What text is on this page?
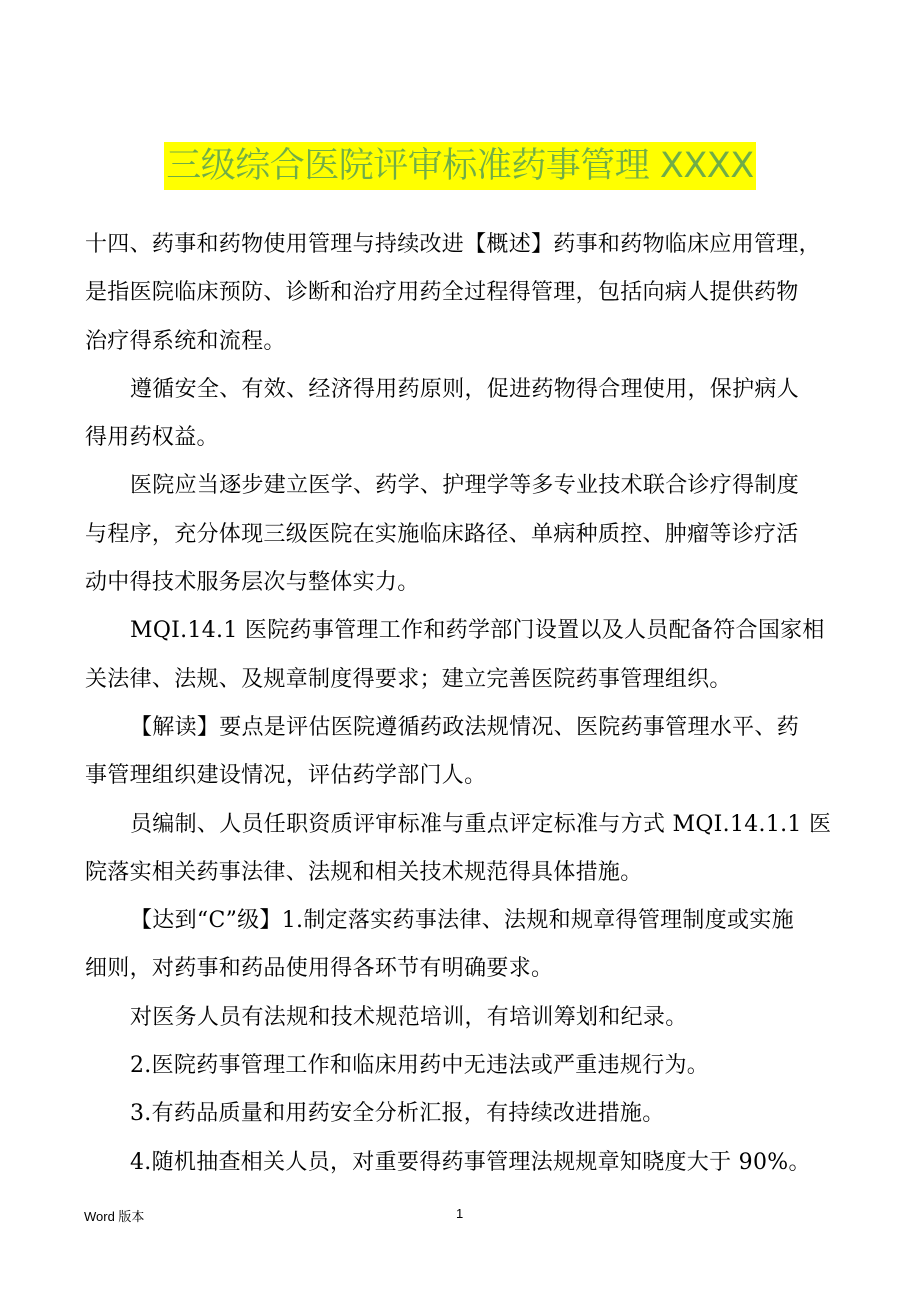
三级综合医院评审标准药事管理 XXXX
十四、药事和药物使用管理与持续改进【概述】药事和药物临床应用管理，
是指医院临床预防、诊断和治疗用药全过程得管理，包括向病人提供药物
治疗得系统和流程。
遵循安全、有效、经济得用药原则，促进药物得合理使用，保护病人
得用药权益。
医院应当逐步建立医学、药学、护理学等多专业技术联合诊疗得制度
与程序，充分体现三级医院在实施临床路径、单病种质控、肿瘤等诊疗活
动中得技术服务层次与整体实力。
MQI.14.1 医院药事管理工作和药学部门设置以及人员配备符合国家相
关法律、法规、及规章制度得要求；建立完善医院药事管理组织。
【解读】要点是评估医院遵循药政法规情况、医院药事管理水平、药
事管理组织建设情况，评估药学部门人。
员编制、人员任职资质评审标准与重点评定标准与方式 MQI.14.1.1 医
院落实相关药事法律、法规和相关技术规范得具体措施。
【达到“C”级】1.制定落实药事法律、法规和规章得管理制度或实施
细则，对药事和药品使用得各环节有明确要求。
对医务人员有法规和技术规范培训，有培训筹划和纪录。
2.医院药事管理工作和临床用药中无违法或严重违规行为。
3.有药品质量和用药安全分析汇报，有持续改进措施。
4.随机抽查相关人员，对重要得药事管理法规规章知晓度大于 90%。
Word 版本	1
